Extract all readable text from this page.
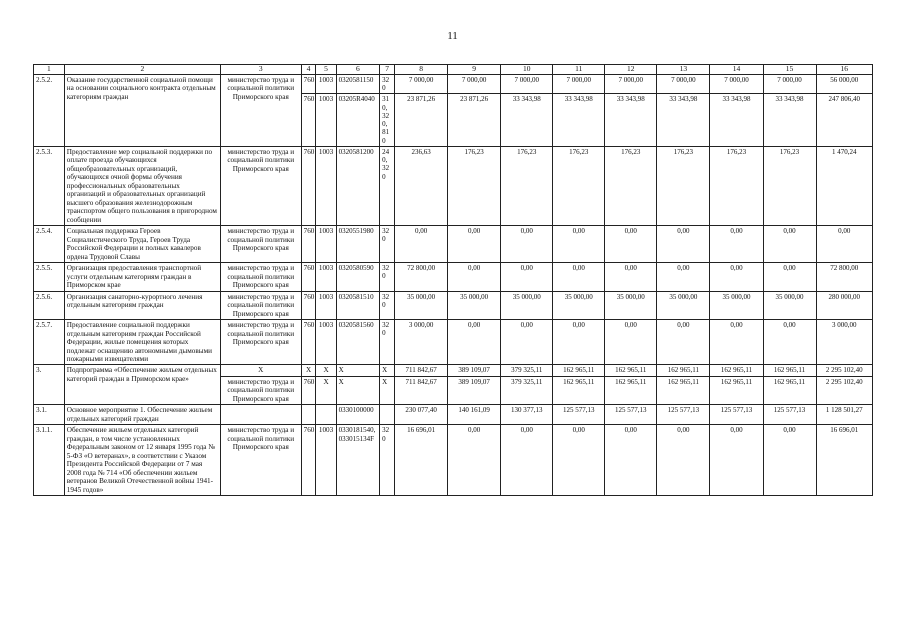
11
1	2	3	4	5	6	7	8	9	10	11	12	13	14	15	16
2.5.2.	Оказание государственной социальной помощи на основании социального контракта отдельным категориям граждан	министерство труда и социальной политики Приморского края	760	1003	0320581150	320	7 000,00	7 000,00	7 000,00	7 000,00	7 000,00	7 000,00	7 000,00	7 000,00	56 000,00
			760	1003	03205R4040	310, 320, 810	23 871,26	23 871,26	33 343,98	33 343,98	33 343,98	33 343,98	33 343,98	33 343,98	247 806,40
2.5.3.	Предоставление мер социальной поддержки по оплате проезда обучающихся общеобразовательных организаций, обучающихся очной формы обучения профессиональных образовательных организаций и образовательных организаций высшего образования железнодорожным транспортом общего пользования в пригородном сообщении	министерство труда и социальной политики Приморского края	760	1003	0320581200	240, 320	236,63	176,23	176,23	176,23	176,23	176,23	176,23	176,23	1 470,24
2.5.4.	Социальная поддержка Героев Социалистического Труда, Героев Труда Российской Федерации и полных кавалеров ордена Трудовой Славы	министерство труда и социальной политики Приморского края	760	1003	0320551980	320	0,00	0,00	0,00	0,00	0,00	0,00	0,00	0,00	0,00
2.5.5.	Организация предоставления транспортной услуги отдельным категориям граждан в Приморском крае	министерство труда и социальной политики Приморского края	760	1003	0320580590	320	72 800,00	0,00	0,00	0,00	0,00	0,00	0,00	0,00	72 800,00
2.5.6.	Организация санаторно-курортного лечения отдельным категориям граждан	министерство труда и социальной политики Приморского края	760	1003	0320581510	320	35 000,00	35 000,00	35 000,00	35 000,00	35 000,00	35 000,00	35 000,00	35 000,00	280 000,00
2.5.7.	Предоставление социальной поддержки отдельным категориям граждан Российской Федерации, жилые помещения которых подлежат оснащению автономными дымовыми пожарными извещателями	министерство труда и социальной политики Приморского края	760	1003	0320581560	320	3 000,00	0,00	0,00	0,00	0,00	0,00	0,00	0,00	3 000,00
3.	Подпрограмма «Обеспечение жильем отдельных категорий граждан в Приморском крае»	X	X	X	X	X	711 842,67	389 109,07	379 325,11	162 965,11	162 965,11	162 965,11	162 965,11	162 965,11	2 295 102,40
		министерство труда и социальной политики Приморского края	760	X	X	X	711 842,67	389 109,07	379 325,11	162 965,11	162 965,11	162 965,11	162 965,11	162 965,11	2 295 102,40
3.1.	Основное мероприятие 1. Обеспечение жильем отдельных категорий граждан				0330100000		230 077,40	140 161,09	130 377,13	125 577,13	125 577,13	125 577,13	125 577,13	125 577,13	1 128 501,27
3.1.1.	Обеспечение жильем отдельных категорий граждан, в том числе установленных Федеральным законом от 12 января 1995 года № 5-ФЗ «О ветеранах», в соответствии с Указом Президента Российской Федерации от 7 мая 2008 года № 714 «Об обеспечении жильем ветеранов Великой Отечественной войны 1941-1945 годов»	министерство труда и социальной политики Приморского края	760	1003	0330181540, 033015134F	320	16 696,01	0,00	0,00	0,00	0,00	0,00	0,00	0,00	16 696,01
